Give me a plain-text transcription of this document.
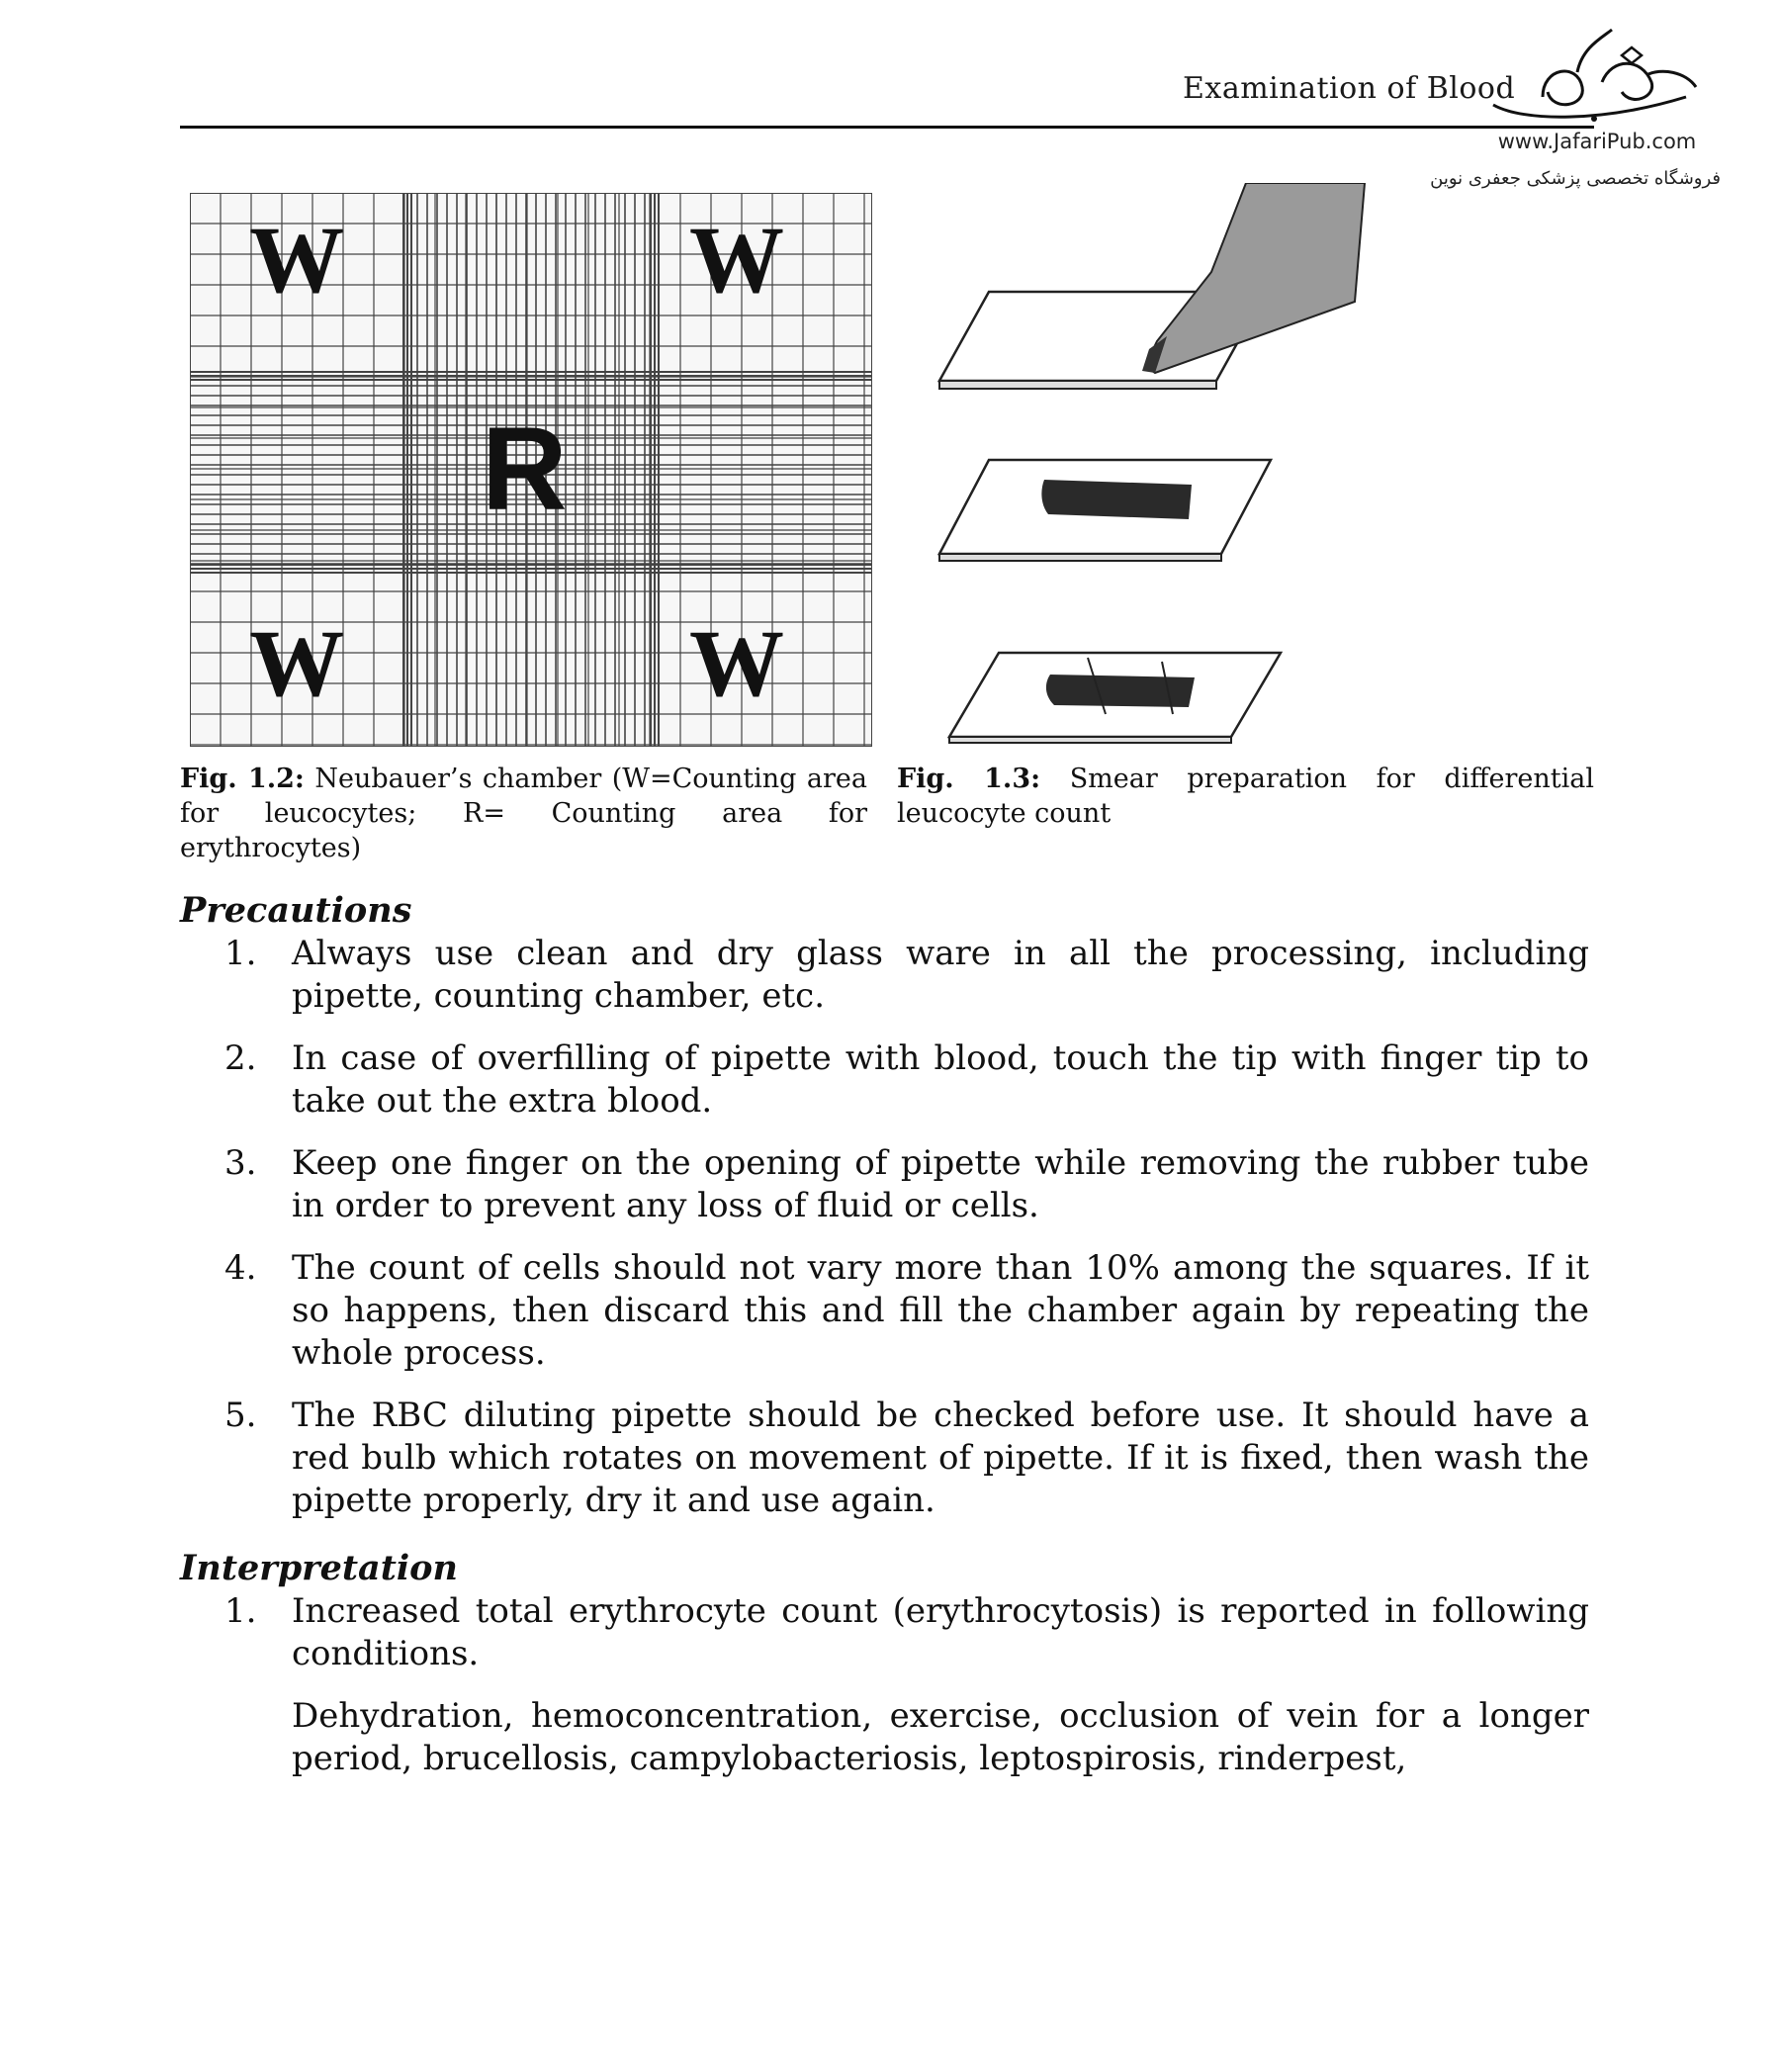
Examination of Blood
www.JafariPub.com
فروشگاه تخصصی پزشکی جعفری نوین
W	W
W	W
R
Fig. 1.2: Neubauer’s chamber (W=Counting area for leucocytes; R= Counting area for erythrocytes)
Fig. 1.3: Smear preparation for differential leucocyte count
Precautions
1. Always use clean and dry glass ware in all the processing, including pipette, counting chamber, etc.

2. In case of overfilling of pipette with blood, touch the tip with finger tip to take out the extra blood.

3. Keep one finger on the opening of pipette while removing the rubber tube in order to prevent any loss of fluid or cells.

4. The count of cells should not vary more than 10% among the squares. If it so happens, then discard this and fill the chamber again by repeating the whole process.

5. The RBC diluting pipette should be checked before use. It should have a red bulb which rotates on movement of pipette. If it is fixed, then wash the pipette properly, dry it and use again.

Interpretation
1. Increased total erythrocyte count (erythrocytosis) is reported in following conditions.

Dehydration, hemoconcentration, exercise, occlusion of vein for a longer period, brucellosis, campylobacteriosis, leptospirosis, rinderpest,
